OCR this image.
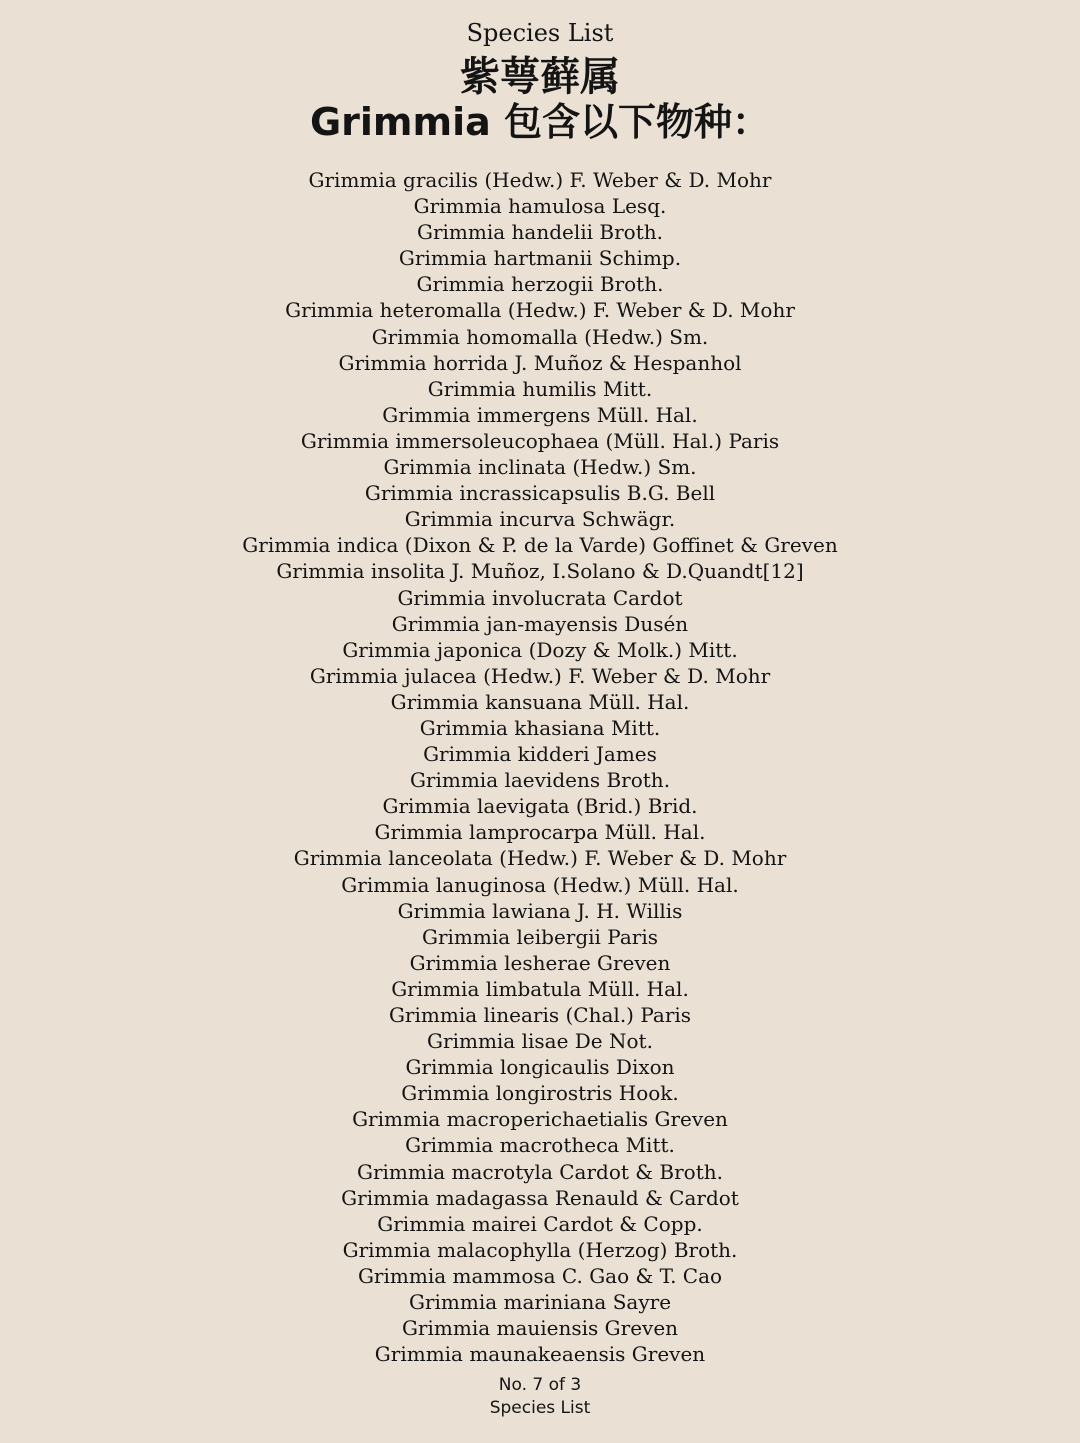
Species List
紫萼藓属
Grimmia 包含以下物种：
Grimmia gracilis (Hedw.) F. Weber & D. Mohr
Grimmia hamulosa Lesq.
Grimmia handelii Broth.
Grimmia hartmanii Schimp.
Grimmia herzogii Broth.
Grimmia heteromalla (Hedw.) F. Weber & D. Mohr
Grimmia homomalla (Hedw.) Sm.
Grimmia horrida J. Muñoz & Hespanhol
Grimmia humilis Mitt.
Grimmia immergens Müll. Hal.
Grimmia immersoleucophaea (Müll. Hal.) Paris
Grimmia inclinata (Hedw.) Sm.
Grimmia incrassicapsulis B.G. Bell
Grimmia incurva Schwägr.
Grimmia indica (Dixon & P. de la Varde) Goffinet & Greven
Grimmia insolita J. Muñoz, I.Solano & D.Quandt[12]
Grimmia involucrata Cardot
Grimmia jan-mayensis Dusén
Grimmia japonica (Dozy & Molk.) Mitt.
Grimmia julacea (Hedw.) F. Weber & D. Mohr
Grimmia kansuana Müll. Hal.
Grimmia khasiana Mitt.
Grimmia kidderi James
Grimmia laevidens Broth.
Grimmia laevigata (Brid.) Brid.
Grimmia lamprocarpa Müll. Hal.
Grimmia lanceolata (Hedw.) F. Weber & D. Mohr
Grimmia lanuginosa (Hedw.) Müll. Hal.
Grimmia lawiana J. H. Willis
Grimmia leibergii Paris
Grimmia lesherae Greven
Grimmia limbatula Müll. Hal.
Grimmia linearis (Chal.) Paris
Grimmia lisae De Not.
Grimmia longicaulis Dixon
Grimmia longirostris Hook.
Grimmia macroperichaetialis Greven
Grimmia macrotheca Mitt.
Grimmia macrotyla Cardot & Broth.
Grimmia madagassa Renauld & Cardot
Grimmia mairei Cardot & Copp.
Grimmia malacophylla (Herzog) Broth.
Grimmia mammosa C. Gao & T. Cao
Grimmia mariniana Sayre
Grimmia mauiensis Greven
Grimmia maunakeaensis Greven
No. 7 of 3
Species List
